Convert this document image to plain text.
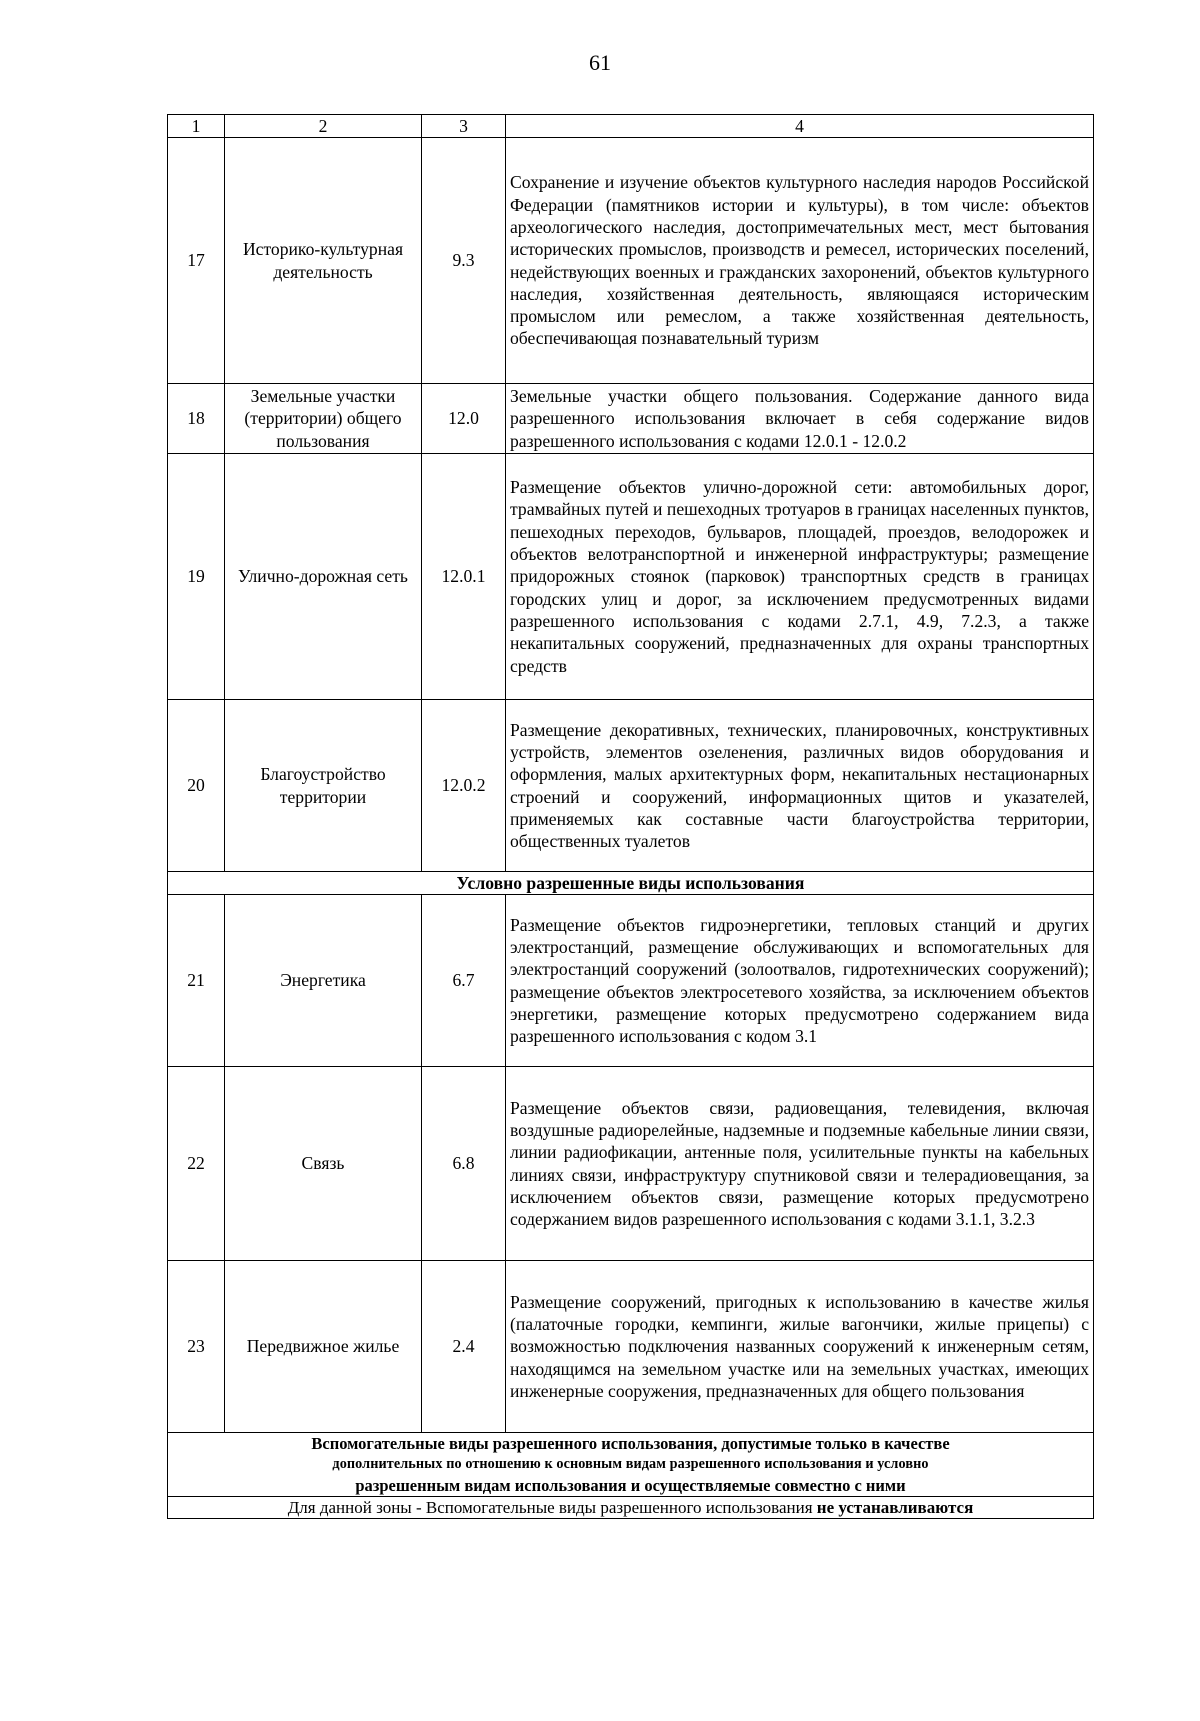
61
1	2	3	4
17	Историко-культурная деятельность	9.3	Сохранение и изучение объектов культурного наследия народов Российской Федерации (памятников истории и культуры), в том числе: объектов археологического наследия, достопримечательных мест, мест бытования исторических промыслов, производств и ремесел, исторических поселений, недействующих военных и гражданских захоронений, объектов культурного наследия, хозяйственная деятельность, являющаяся историческим промыслом или ремеслом, а также хозяйственная деятельность, обеспечивающая познавательный туризм
18	Земельные участки (территории) общего пользования	12.0	Земельные участки общего пользования. Содержание данного вида разрешенного использования включает в себя содержание видов разрешенного использования с кодами 12.0.1 - 12.0.2
19	Улично-дорожная сеть	12.0.1	Размещение объектов улично-дорожной сети: автомобильных дорог, трамвайных путей и пешеходных тротуаров в границах населенных пунктов, пешеходных переходов, бульваров, площадей, проездов, велодорожек и объектов велотранспортной и инженерной инфраструктуры; размещение придорожных стоянок (парковок) транспортных средств в границах городских улиц и дорог, за исключением предусмотренных видами разрешенного использования с кодами 2.7.1, 4.9, 7.2.3, а также некапитальных сооружений, предназначенных для охраны транспортных средств
20	Благоустройство территории	12.0.2	Размещение декоративных, технических, планировочных, конструктивных устройств, элементов озеленения, различных видов оборудования и оформления, малых архитектурных форм, некапитальных нестационарных строений и сооружений, информационных щитов и указателей, применяемых как составные части благоустройства территории, общественных туалетов
Условно разрешенные виды использования			
21	Энергетика	6.7	Размещение объектов гидроэнергетики, тепловых станций и других электростанций, размещение обслуживающих и вспомогательных для электростанций сооружений (золоотвалов, гидротехнических сооружений); размещение объектов электросетевого хозяйства, за исключением объектов энергетики, размещение которых предусмотрено содержанием вида разрешенного использования с кодом 3.1
22	Связь	6.8	Размещение объектов связи, радиовещания, телевидения, включая воздушные радиорелейные, надземные и подземные кабельные линии связи, линии радиофикации, антенные поля, усилительные пункты на кабельных линиях связи, инфраструктуру спутниковой связи и телерадиовещания, за исключением объектов связи, размещение которых предусмотрено содержанием видов разрешенного использования с кодами 3.1.1, 3.2.3
23	Передвижное жилье	2.4	Размещение сооружений, пригодных к использованию в качестве жилья (палаточные городки, кемпинги, жилые вагончики, жилые прицепы) с возможностью подключения названных сооружений к инженерным сетям, находящимся на земельном участке или на земельных участках, имеющих инженерные сооружения, предназначенных для общего пользования

Вспомогательные виды разрешенного использования, допустимые только в качестве
дополнительных по отношению к основным видам разрешенного использования и условно
разрешенным видам использования и осуществляемые совместно с ними			

Для данной зоны - Вспомогательные виды разрешенного использования не устанавливаются			
